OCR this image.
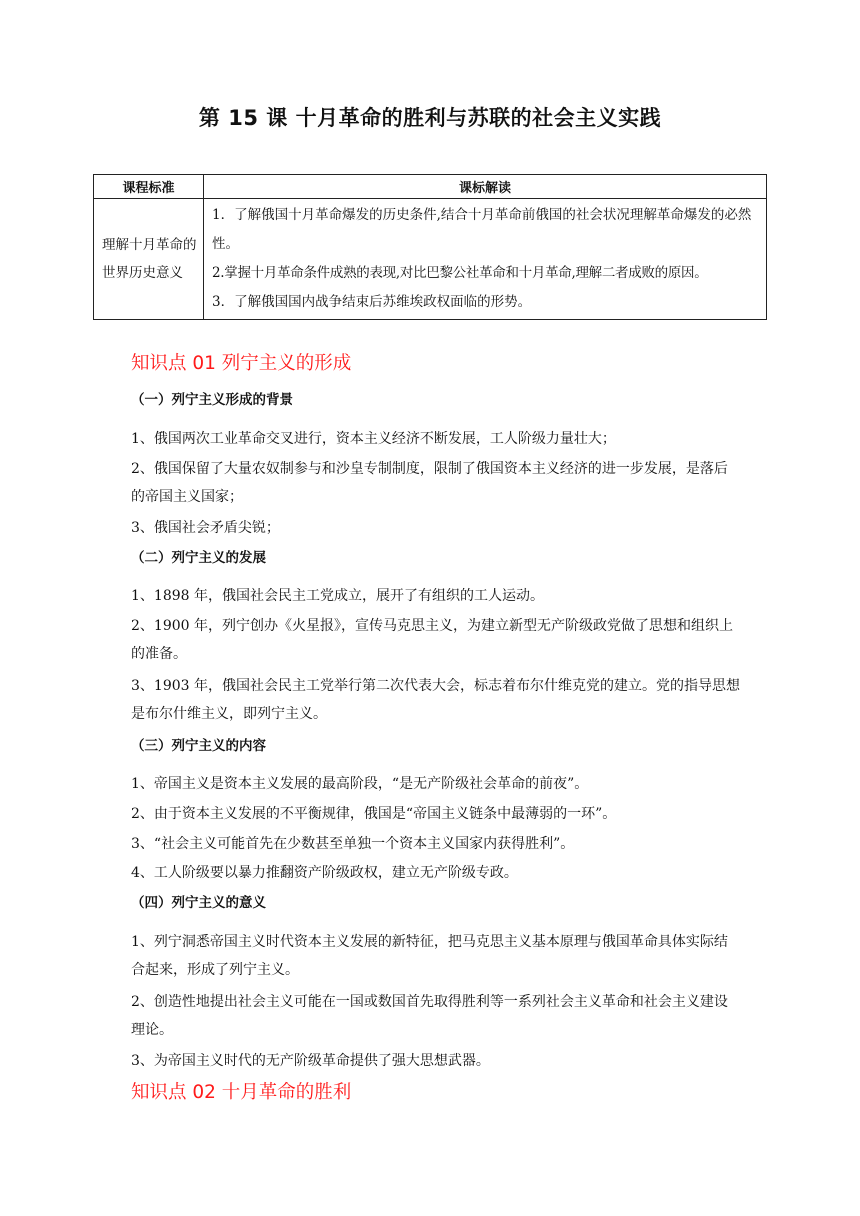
第 15 课 十月革命的胜利与苏联的社会主义实践
课程标准	课标解读
理解十月革命的世界历史意义	1．了解俄国十月革命爆发的历史条件,结合十月革命前俄国的社会状况理解革命爆发的必然性。

2.掌握十月革命条件成熟的表现,对比巴黎公社革命和十月革命,理解二者成败的原因。

3．了解俄国国内战争结束后苏维埃政权面临的形势。

知识点 01 列宁主义的形成
（一）列宁主义形成的背景
1、俄国两次工业革命交叉进行，资本主义经济不断发展，工人阶级力量壮大；
2、俄国保留了大量农奴制参与和沙皇专制制度，限制了俄国资本主义经济的进一步发展，是落后的帝国主义国家；
3、俄国社会矛盾尖锐；
（二）列宁主义的发展
1、1898 年，俄国社会民主工党成立，展开了有组织的工人运动。
2、1900 年，列宁创办《火星报》，宣传马克思主义，为建立新型无产阶级政党做了思想和组织上的准备。
3、1903 年，俄国社会民主工党举行第二次代表大会，标志着布尔什维克党的建立。党的指导思想是布尔什维主义，即列宁主义。
（三）列宁主义的内容
1、帝国主义是资本主义发展的最高阶段，“是无产阶级社会革命的前夜”。
2、由于资本主义发展的不平衡规律，俄国是“帝国主义链条中最薄弱的一环”。
3、“社会主义可能首先在少数甚至单独一个资本主义国家内获得胜利”。
4、工人阶级要以暴力推翻资产阶级政权，建立无产阶级专政。
（四）列宁主义的意义
1、列宁洞悉帝国主义时代资本主义发展的新特征，把马克思主义基本原理与俄国革命具体实际结合起来，形成了列宁主义。
2、创造性地提出社会主义可能在一国或数国首先取得胜利等一系列社会主义革命和社会主义建设理论。
3、为帝国主义时代的无产阶级革命提供了强大思想武器。
知识点 02 十月革命的胜利
